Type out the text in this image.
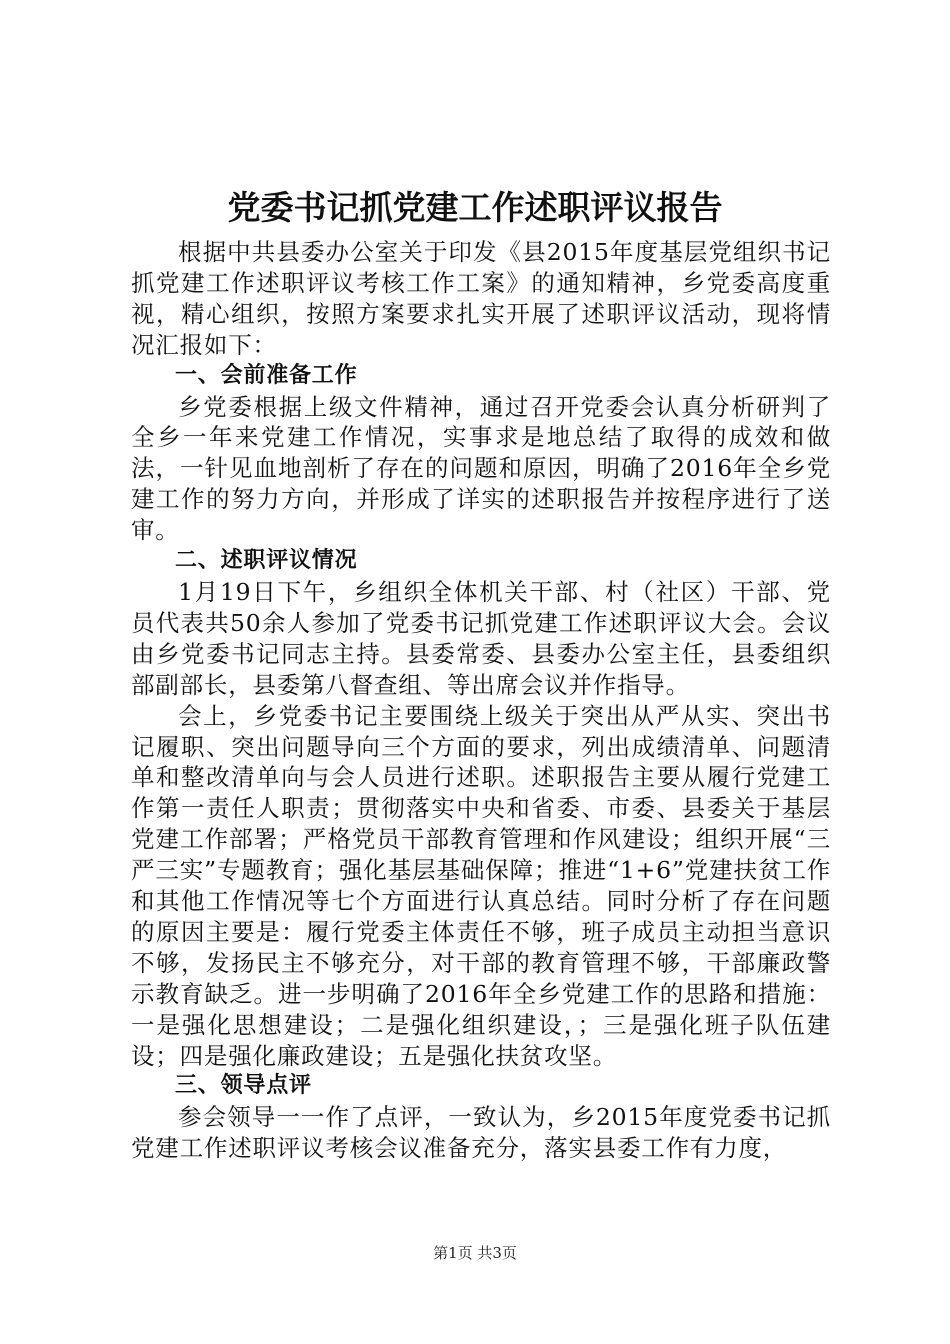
党委书记抓党建工作述职评议报告

根据中共县委办公室关于印发《县2015年度基层党组织书记抓党建工作述职评议考核工作工案》的通知精神，乡党委高度重视，精心组织，按照方案要求扎实开展了述职评议活动，现将情况汇报如下：

一、会前准备工作

乡党委根据上级文件精神，通过召开党委会认真分析研判了全乡一年来党建工作情况，实事求是地总结了取得的成效和做法，一针见血地剖析了存在的问题和原因，明确了2016年全乡党建工作的努力方向，并形成了详实的述职报告并按程序进行了送审。

二、述职评议情况

1月19日下午，乡组织全体机关干部、村（社区）干部、党员代表共50余人参加了党委书记抓党建工作述职评议大会。会议由乡党委书记同志主持。县委常委、县委办公室主任，县委组织部副部长，县委第八督查组、等出席会议并作指导。

会上，乡党委书记主要围绕上级关于突出从严从实、突出书记履职、突出问题导向三个方面的要求，列出成绩清单、问题清单和整改清单向与会人员进行述职。述职报告主要从履行党建工作第一责任人职责；贯彻落实中央和省委、市委、县委关于基层党建工作部署；严格党员干部教育管理和作风建设；组织开展“三严三实”专题教育；强化基层基础保障；推进“1+6”党建扶贫工作和其他工作情况等七个方面进行认真总结。同时分析了存在问题的原因主要是：履行党委主体责任不够，班子成员主动担当意识不够，发扬民主不够充分，对干部的教育管理不够，干部廉政警示教育缺乏。进一步明确了2016年全乡党建工作的思路和措施：一是强化思想建设；二是强化组织建设，；三是强化班子队伍建设；四是强化廉政建设；五是强化扶贫攻坚。

三、领导点评

参会领导一一作了点评，一致认为，乡2015年度党委书记抓党建工作述职评议考核会议准备充分，落实县委工作有力度，

第1页 共3页
